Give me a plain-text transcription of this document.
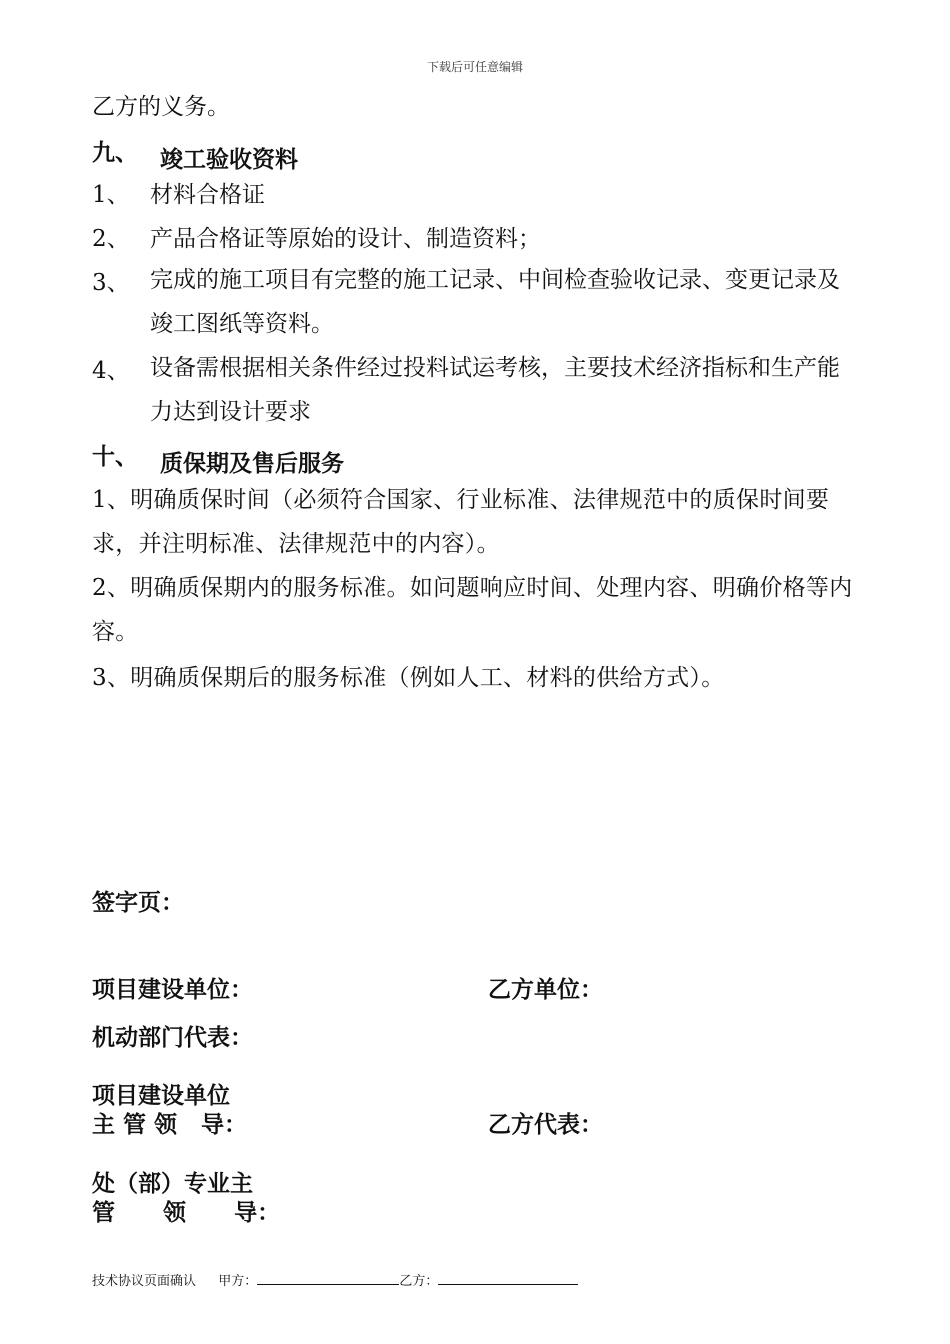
下载后可任意编辑
乙方的义务。
九、 竣工验收资料
1、 材料合格证
2、 产品合格证等原始的设计、制造资料；
3、 完成的施工项目有完整的施工记录、中间检查验收记录、变更记录及竣工图纸等资料。
4、 设备需根据相关条件经过投料试运考核，主要技术经济指标和生产能力达到设计要求
十、 质保期及售后服务
1、明确质保时间（必须符合国家、行业标准、法律规范中的质保时间要求，并注明标准、法律规范中的内容）。
2、明确质保期内的服务标准。如问题响应时间、处理内容、明确价格等内容。
3、明确质保期后的服务标准（例如人工、材料的供给方式）。
签字页：
项目建设单位：	乙方单位：
机动部门代表：
项目建设单位
主 管 领   导：	乙方代表：
处（部）专业主
管      领      导：
技术协议页面确认 甲方：	乙方：
